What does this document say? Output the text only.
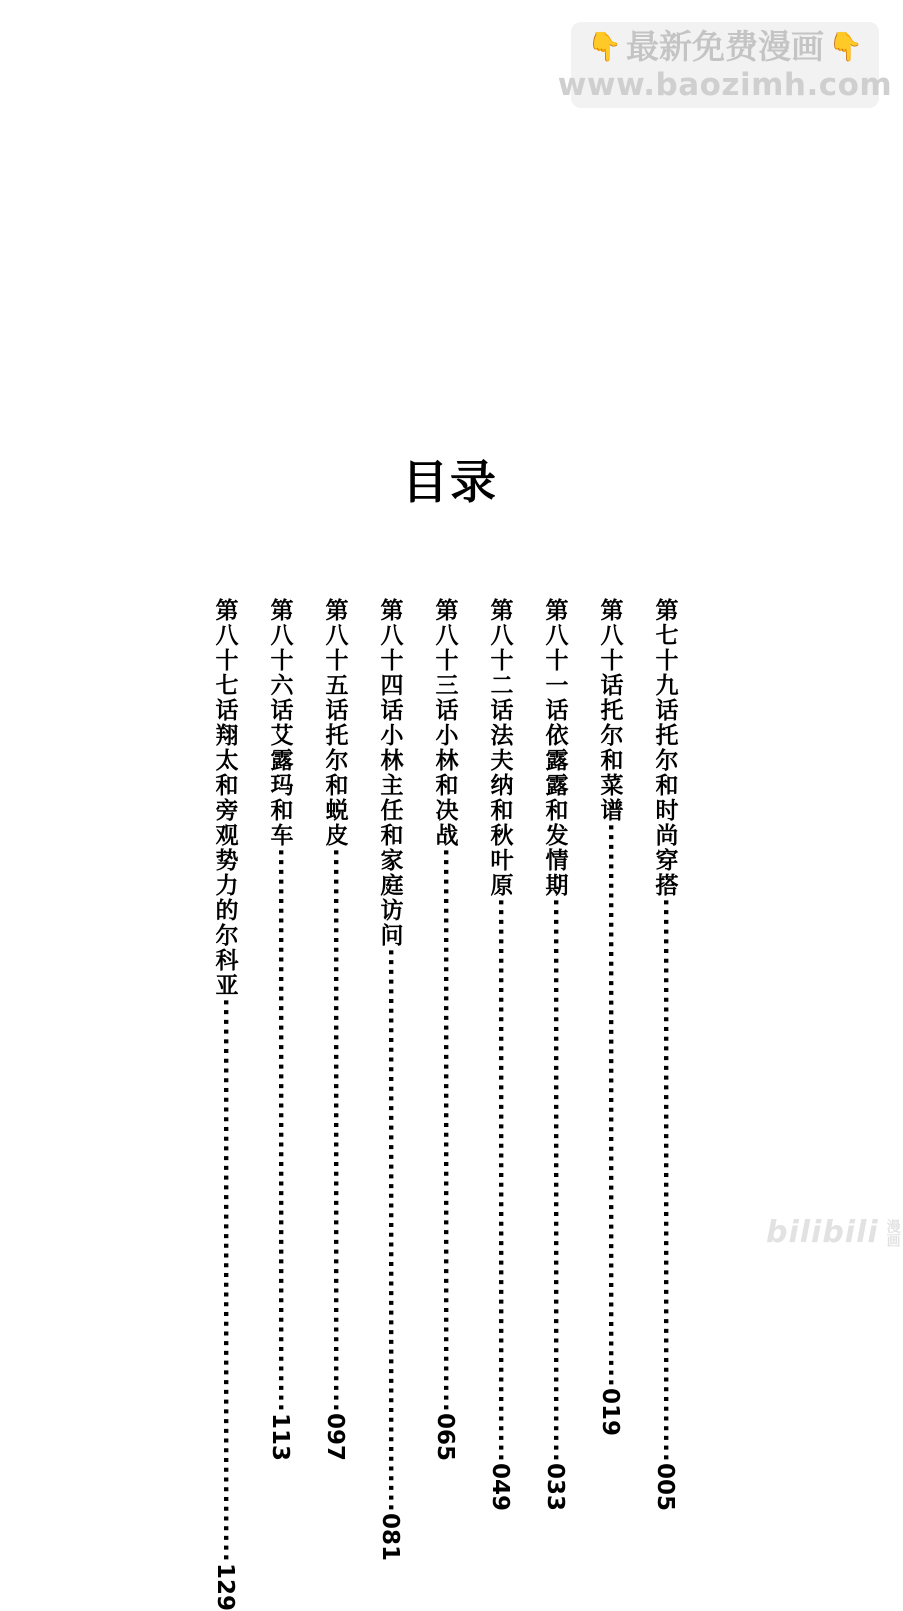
👇 最新免费漫画 👇
www.baozimh.com
目录
第七十九话
托尔和时尚穿搭
··························································
005
第八十话
托尔和菜谱
··························································
019
第八十一话
依露露和发情期
··························································
033
第八十二话
法夫纳和秋叶原
··························································
049
第八十三话
小林和决战
··························································
065
第八十四话
小林主任和家庭访问
··························································
081
第八十五话
托尔和蜕皮
··························································
097
第八十六话
艾露玛和车
··························································
113
第八十七话
翔太和旁观势力的尔科亚
··························································
129
bilibili 漫画
